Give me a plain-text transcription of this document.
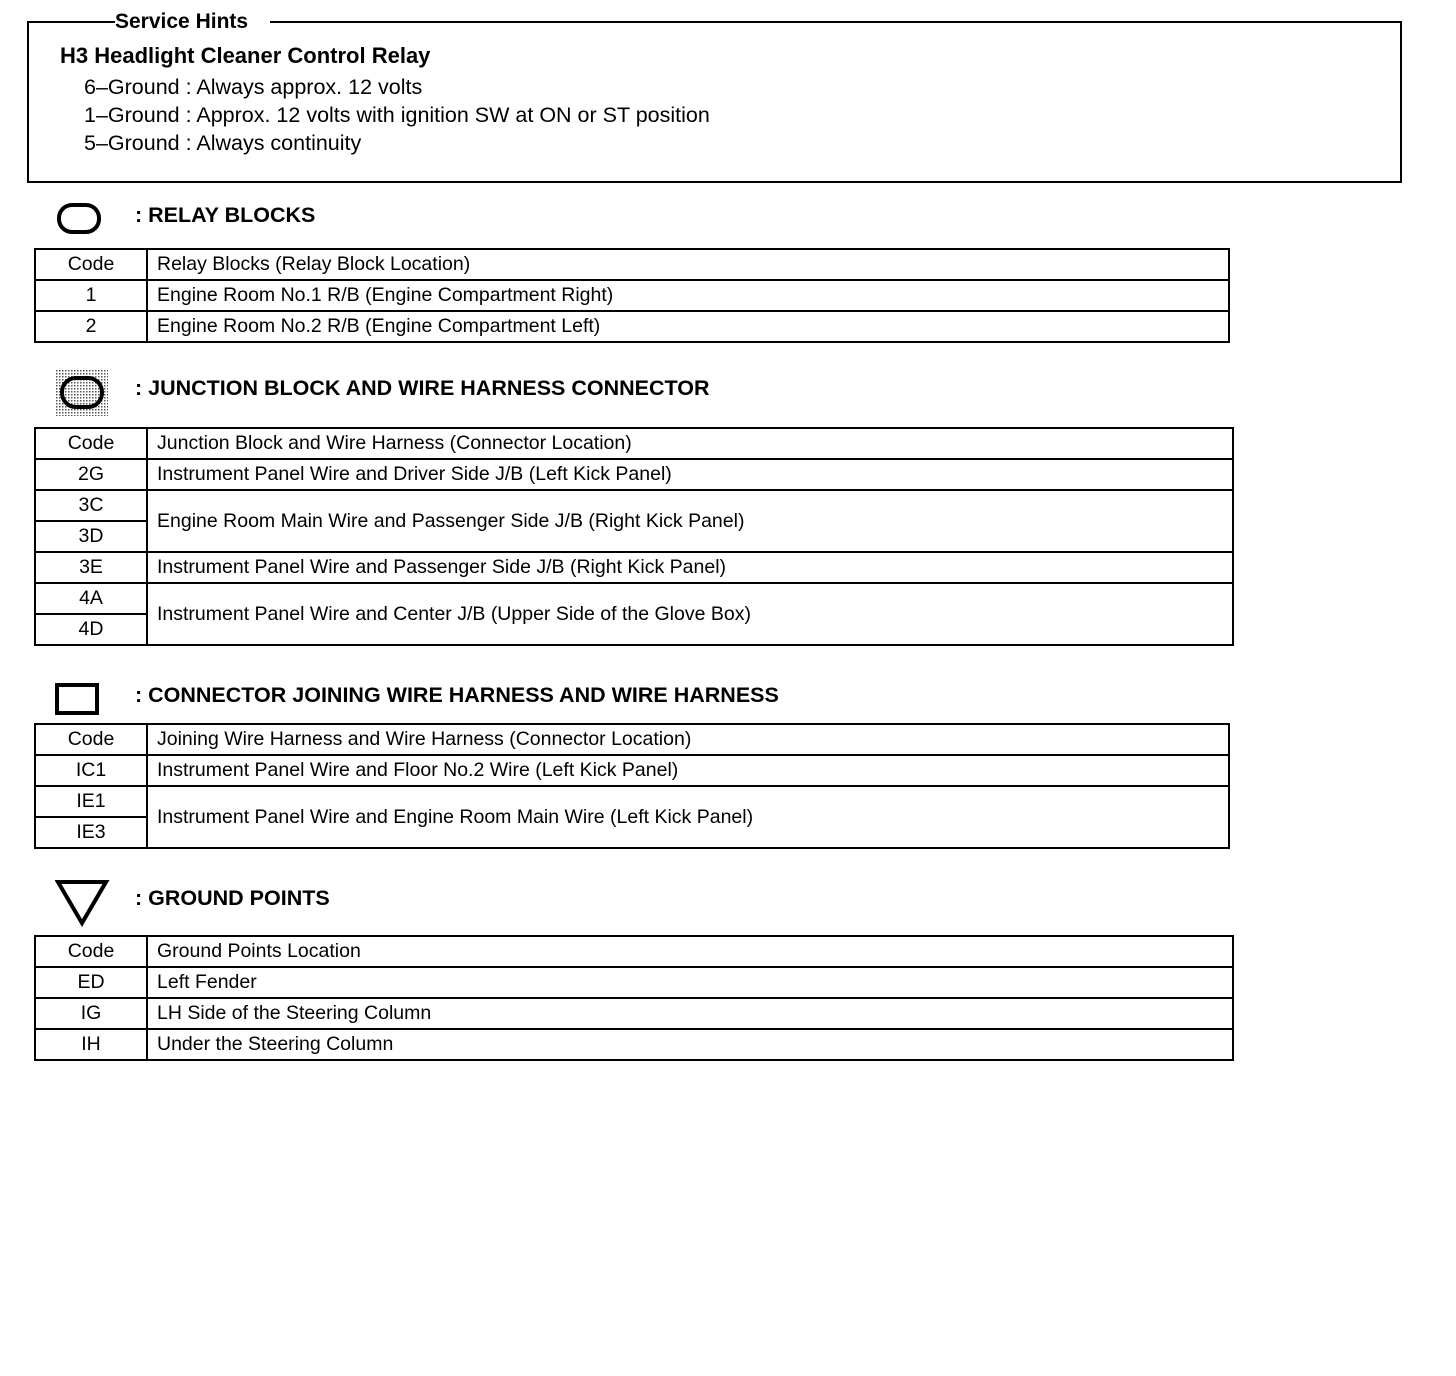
Service Hints
H3 Headlight Cleaner Control Relay
6–Ground : Always approx. 12 volts
1–Ground : Approx. 12 volts with ignition SW at ON or ST position
5–Ground : Always continuity
: RELAY BLOCKS
Code	Relay Blocks (Relay Block Location)
1	Engine Room No.1 R/B (Engine Compartment Right)
2	Engine Room No.2 R/B (Engine Compartment Left)
: JUNCTION BLOCK AND WIRE HARNESS CONNECTOR
Code	Junction Block and Wire Harness (Connector Location)
2G	Instrument Panel Wire and Driver Side J/B (Left Kick Panel)
3C	Engine Room Main Wire and Passenger Side J/B (Right Kick Panel)
3D	
3E	Instrument Panel Wire and Passenger Side J/B (Right Kick Panel)
4A	Instrument Panel Wire and Center J/B (Upper Side of the Glove Box)
4D	
: CONNECTOR JOINING WIRE HARNESS AND WIRE HARNESS
Code	Joining Wire Harness and Wire Harness (Connector Location)
IC1	Instrument Panel Wire and Floor No.2 Wire (Left Kick Panel)
IE1	Instrument Panel Wire and Engine Room Main Wire (Left Kick Panel)
IE3	
: GROUND POINTS
Code	Ground Points Location
ED	Left Fender
IG	LH Side of the Steering Column
IH	Under the Steering Column
